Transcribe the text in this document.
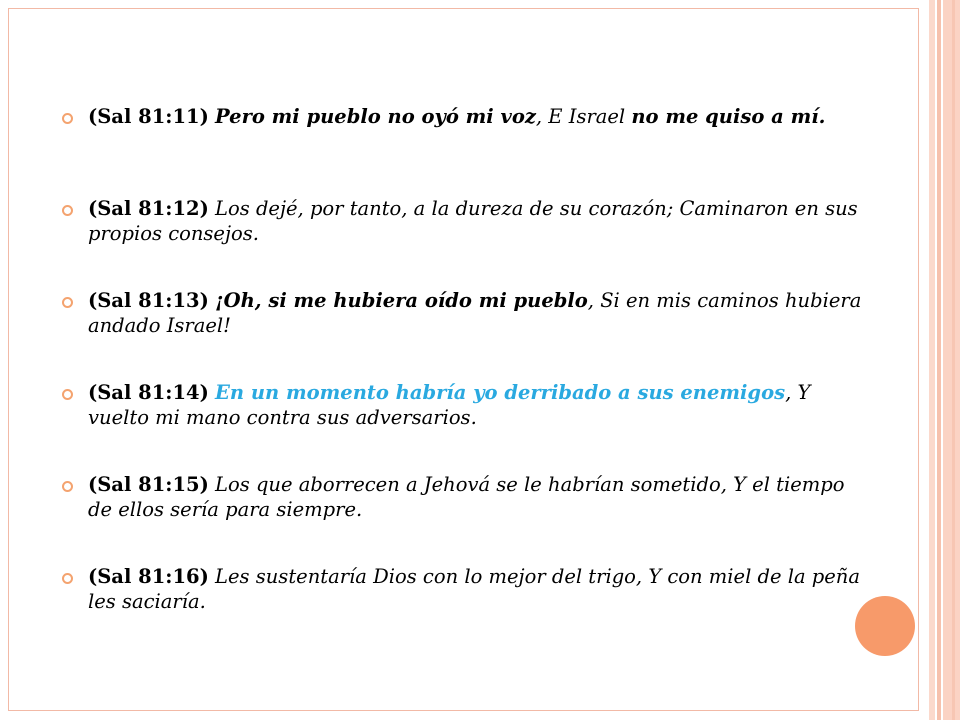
(Sal 81:11) Pero mi pueblo no oyó mi voz, E Israel no me quiso a mí.
(Sal 81:12) Los dejé, por tanto, a la dureza de su corazón; Caminaron en sus propios consejos.
(Sal 81:13) ¡Oh, si me hubiera oído mi pueblo, Si en mis caminos hubiera andado Israel!
(Sal 81:14) En un momento habría yo derribado a sus enemigos, Y vuelto mi mano contra sus adversarios.
(Sal 81:15) Los que aborrecen a Jehová se le habrían sometido, Y el tiempo de ellos sería para siempre.
(Sal 81:16) Les sustentaría Dios con lo mejor del trigo, Y con miel de la peña les saciaría.
